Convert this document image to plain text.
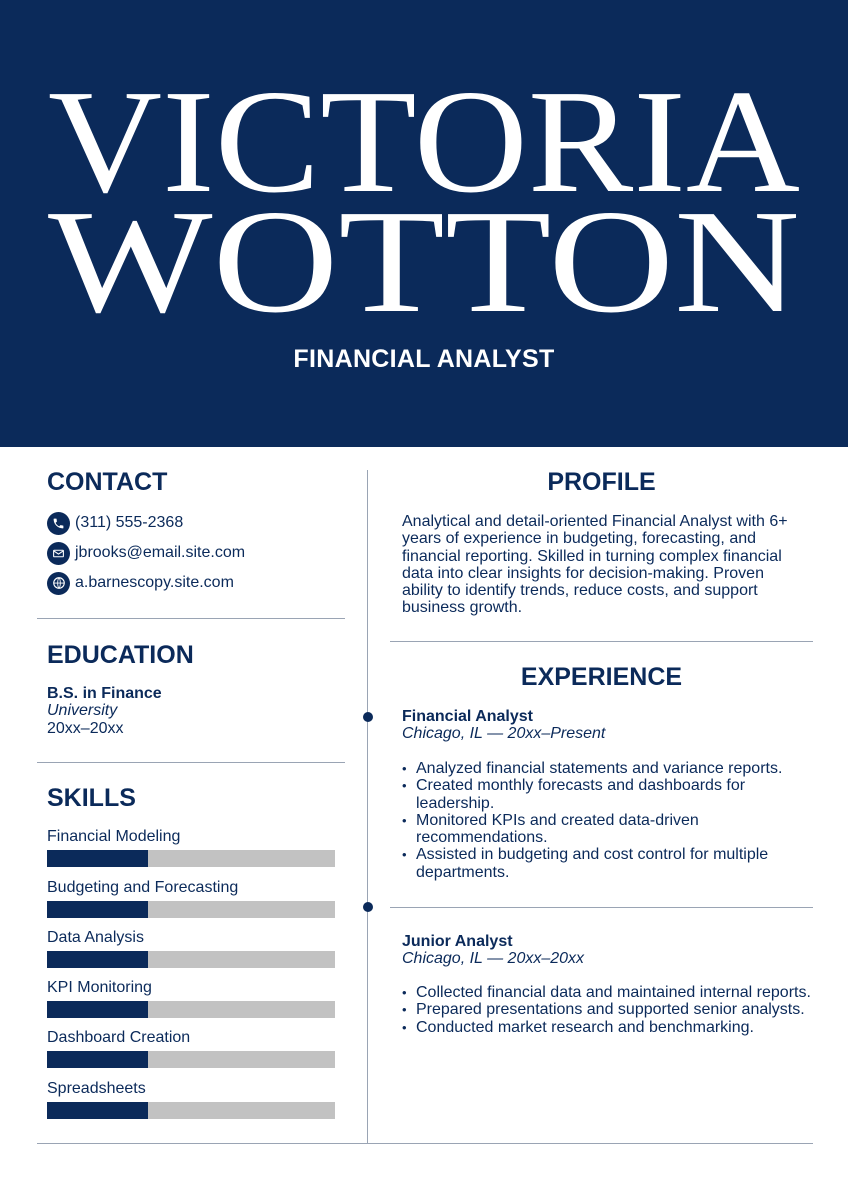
VICTORIA
WOTTON
FINANCIAL ANALYST
CONTACT
(311) 555-2368
jbrooks@email.site.com
a.barnescopy.site.com
EDUCATION
B.S. in Finance
University
20xx–20xx
SKILLS
Financial Modeling
Budgeting and Forecasting
Data Analysis
KPI Monitoring
Dashboard Creation
Spreadsheets
PROFILE
Analytical and detail-oriented Financial Analyst with 6+ years of experience in budgeting, forecasting, and financial reporting. Skilled in turning complex financial data into clear insights for decision-making. Proven ability to identify trends, reduce costs, and support business growth.
EXPERIENCE
Financial Analyst
Chicago, IL — 20xx–Present
• Analyzed financial statements and variance reports.
• Created monthly forecasts and dashboards for leadership.
• Monitored KPIs and created data-driven recommendations.
• Assisted in budgeting and cost control for multiple departments.
Junior Analyst
Chicago, IL — 20xx–20xx
• Collected financial data and maintained internal reports.
• Prepared presentations and supported senior analysts.
• Conducted market research and benchmarking.
